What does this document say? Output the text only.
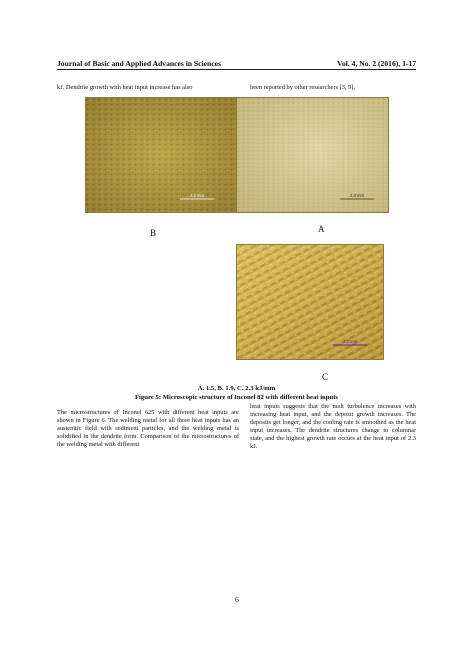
Journal of Basic and Applied Advances in Sciences	Vol. 4, No. 2 (2016), 1-17
kJ. Dendrite growth with heat input increase has also	been reported by other researchers [3, 9].
2.2 mm	2.3 mm
B	A
2.3 mm
C
A. 1.5, B. 1.9, C. 2.3 kJ/mm
Figure 5: Microscopic structure of Inconel 82 with different heat inputs
The microstructures of Inconel 625 with different heat inputs are shown in Figure 6. The welding metal for all three heat inputs has an austenitic field with sediment particles, and the welding metal is solidified in the dendrite form. Comparison of the microstructures of the welding metal with different
heat inputs suggests that the melt turbulence increases with increasing heat input, and the deposit growth increases. The deposits get longer, and the cooling rate is smoothed as the heat input increases. The dendrite structures change to columnar state, and the highest growth rate occurs at the heat input of 2.3 kJ.
6
